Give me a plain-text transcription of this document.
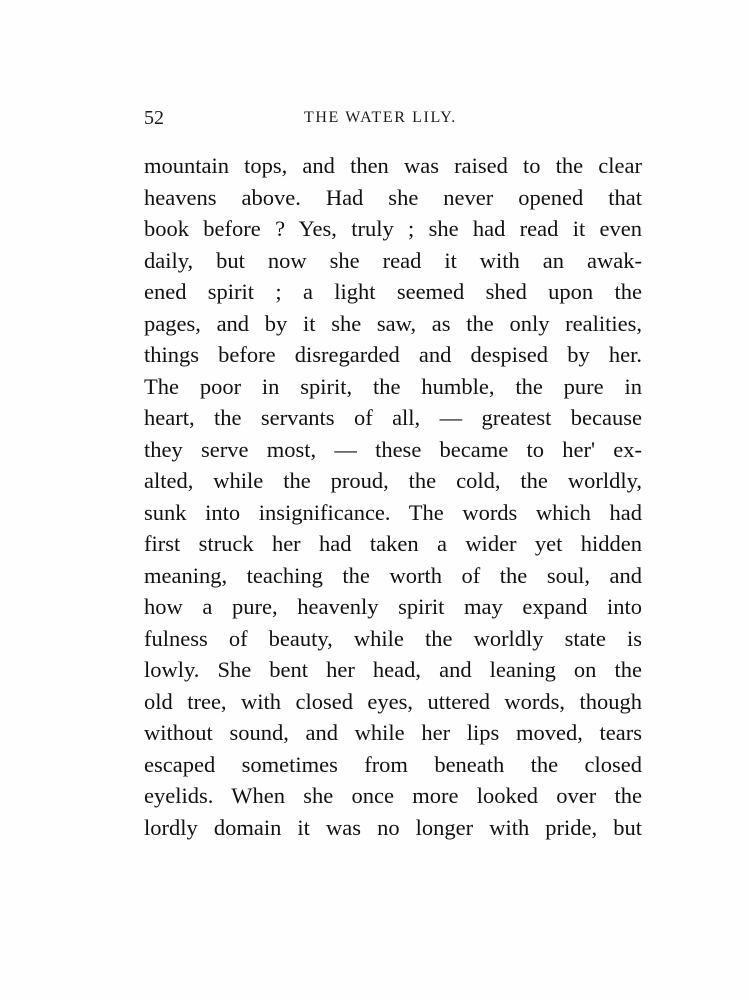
52	THE WATER LILY.
mountain tops, and then was raised to the clear
heavens above. Had she never opened that
book before ? Yes, truly ; she had read it even
daily, but now she read it with an awak-
ened spirit ; a light seemed shed upon the
pages, and by it she saw, as the only realities,
things before disregarded and despised by her.
The poor in spirit, the humble, the pure in
heart, the servants of all, — greatest because
they serve most, — these became to her' ex-
alted, while the proud, the cold, the worldly,
sunk into insignificance. The words which had
first struck her had taken a wider yet hidden
meaning, teaching the worth of the soul, and
how a pure, heavenly spirit may expand into
fulness of beauty, while the worldly state is
lowly. She bent her head, and leaning on the
old tree, with closed eyes, uttered words, though
without sound, and while her lips moved, tears
escaped sometimes from beneath the closed
eyelids. When she once more looked over the
lordly domain it was no longer with pride, but
